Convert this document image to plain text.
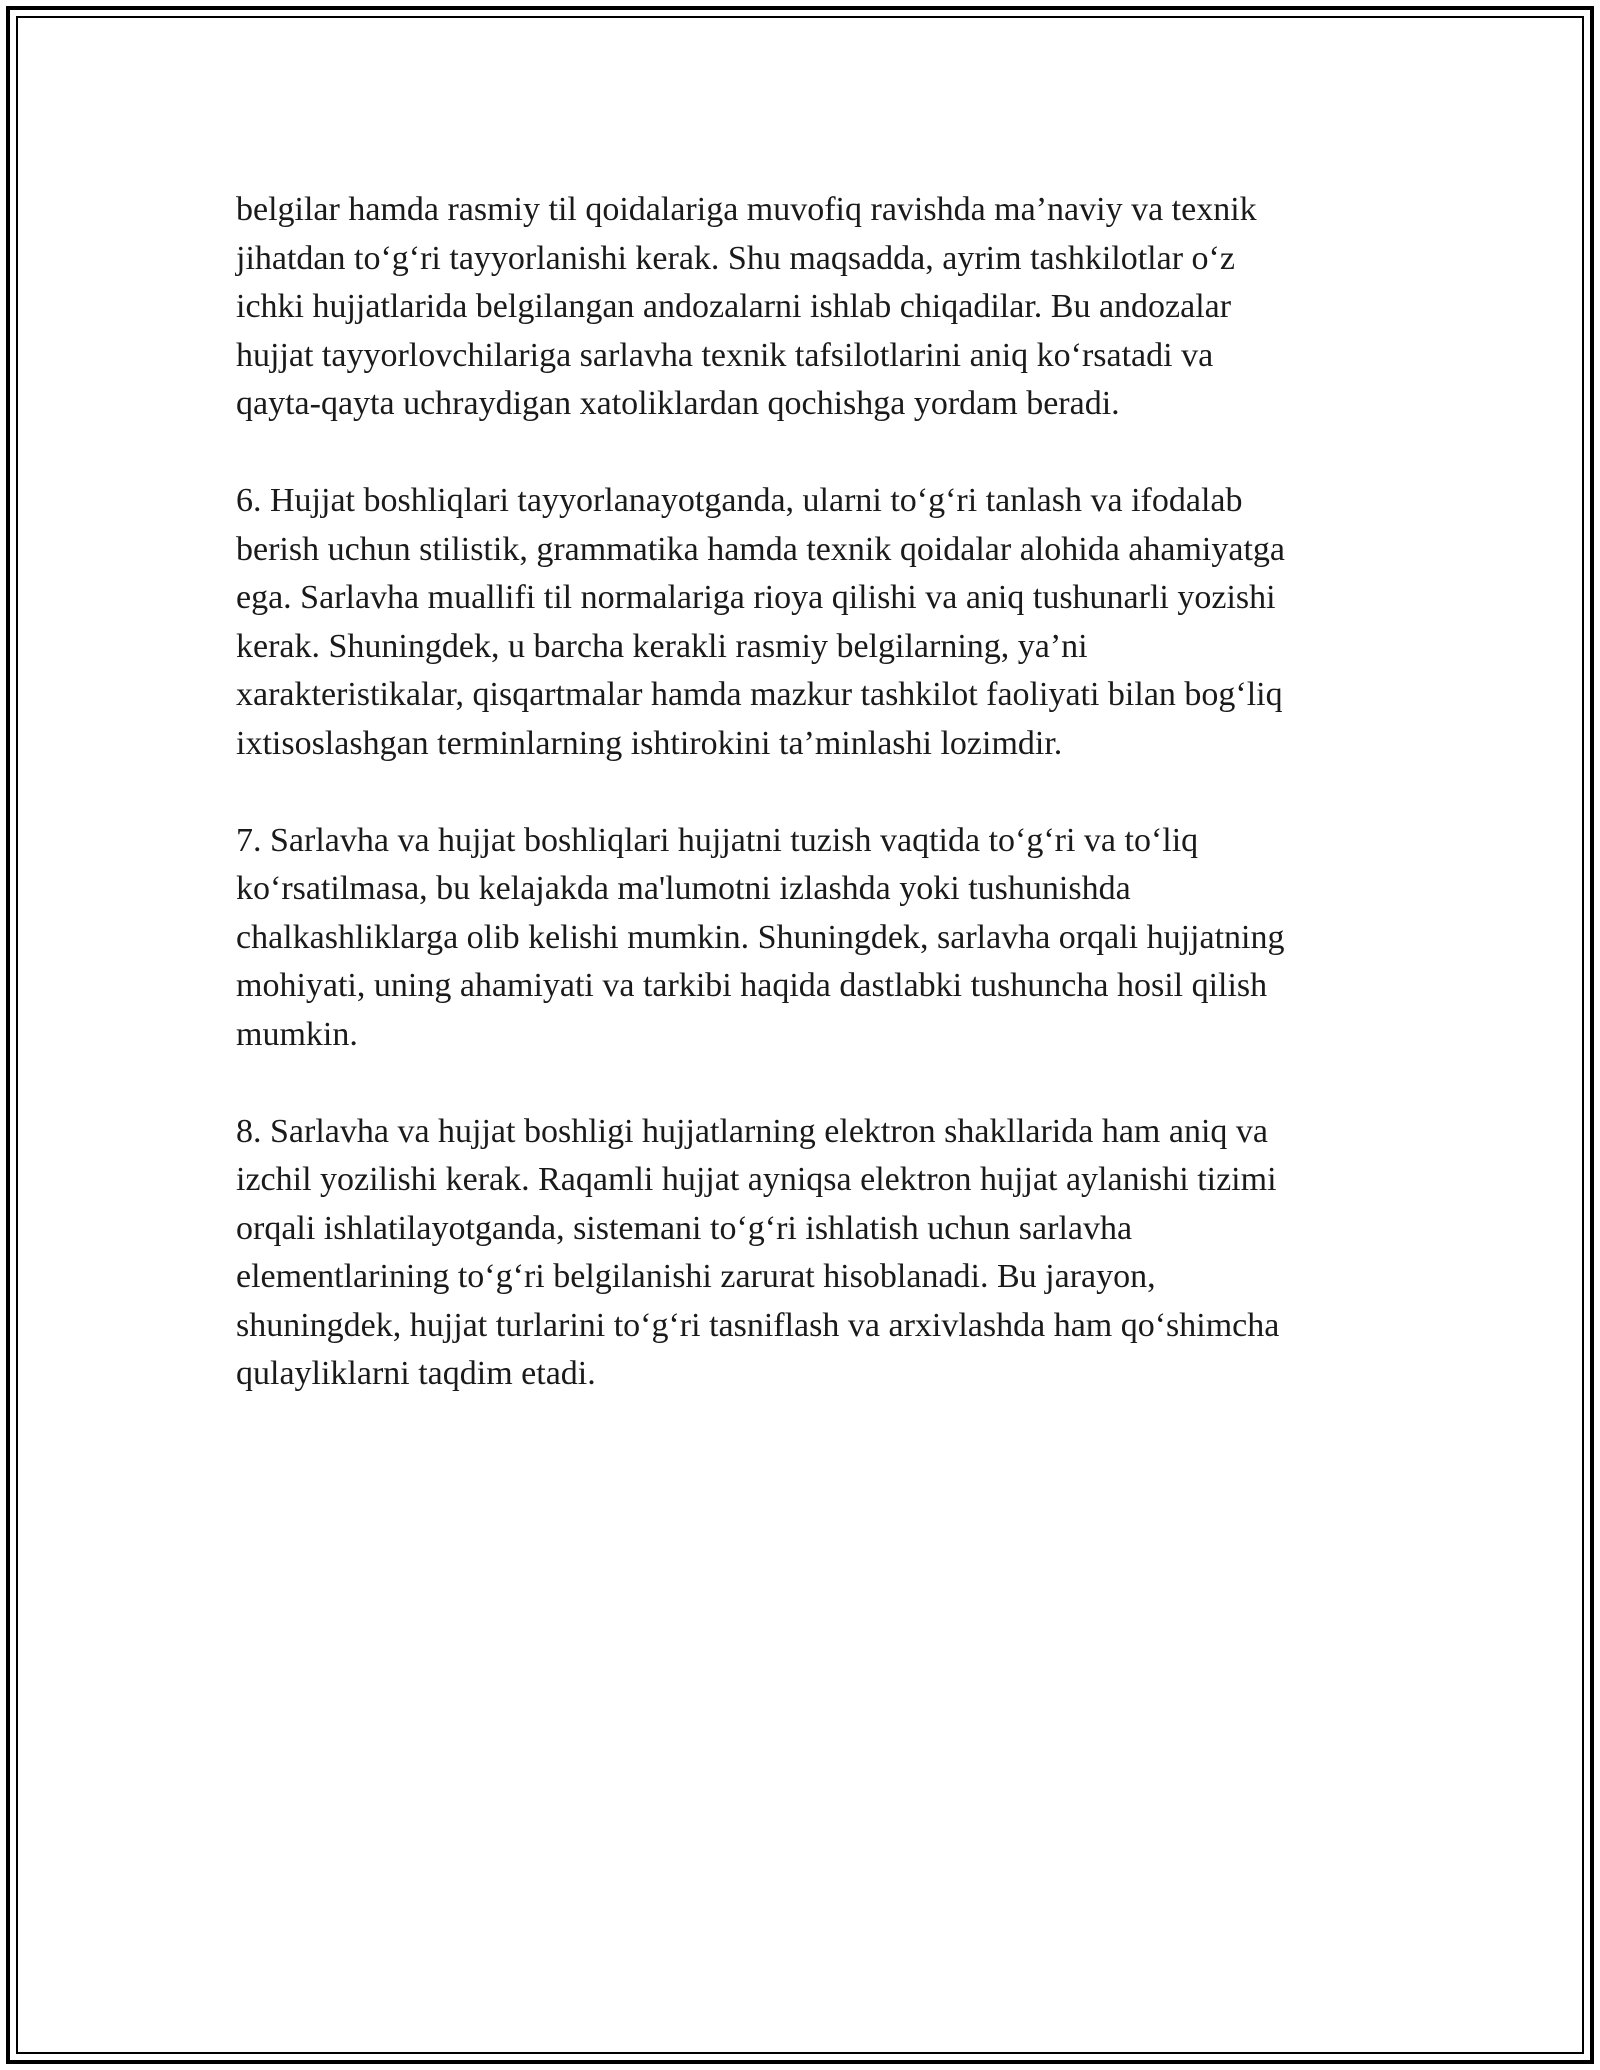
belgilar hamda rasmiy til qoidalariga muvofiq ravishda ma’naviy va texnik
jihatdan to‘g‘ri tayyorlanishi kerak. Shu maqsadda, ayrim tashkilotlar o‘z
ichki hujjatlarida belgilangan andozalarni ishlab chiqadilar. Bu andozalar
hujjat tayyorlovchilariga sarlavha texnik tafsilotlarini aniq ko‘rsatadi va
qayta-qayta uchraydigan xatoliklardan qochishga yordam beradi.

6. Hujjat boshliqlari tayyorlanayotganda, ularni to‘g‘ri tanlash va ifodalab
berish uchun stilistik, grammatika hamda texnik qoidalar alohida ahamiyatga
ega. Sarlavha muallifi til normalariga rioya qilishi va aniq tushunarli yozishi
kerak. Shuningdek, u barcha kerakli rasmiy belgilarning, ya’ni
xarakteristikalar, qisqartmalar hamda mazkur tashkilot faoliyati bilan bog‘liq
ixtisoslashgan terminlarning ishtirokini ta’minlashi lozimdir.

7. Sarlavha va hujjat boshliqlari hujjatni tuzish vaqtida to‘g‘ri va to‘liq
ko‘rsatilmasa, bu kelajakda ma'lumotni izlashda yoki tushunishda
chalkashliklarga olib kelishi mumkin. Shuningdek, sarlavha orqali hujjatning
mohiyati, uning ahamiyati va tarkibi haqida dastlabki tushuncha hosil qilish
mumkin.

8. Sarlavha va hujjat boshligi hujjatlarning elektron shakllarida ham aniq va
izchil yozilishi kerak. Raqamli hujjat ayniqsa elektron hujjat aylanishi tizimi
orqali ishlatilayotganda, sistemani to‘g‘ri ishlatish uchun sarlavha
elementlarining to‘g‘ri belgilanishi zarurat hisoblanadi. Bu jarayon,
shuningdek, hujjat turlarini to‘g‘ri tasniflash va arxivlashda ham qo‘shimcha
qulayliklarni taqdim etadi.
